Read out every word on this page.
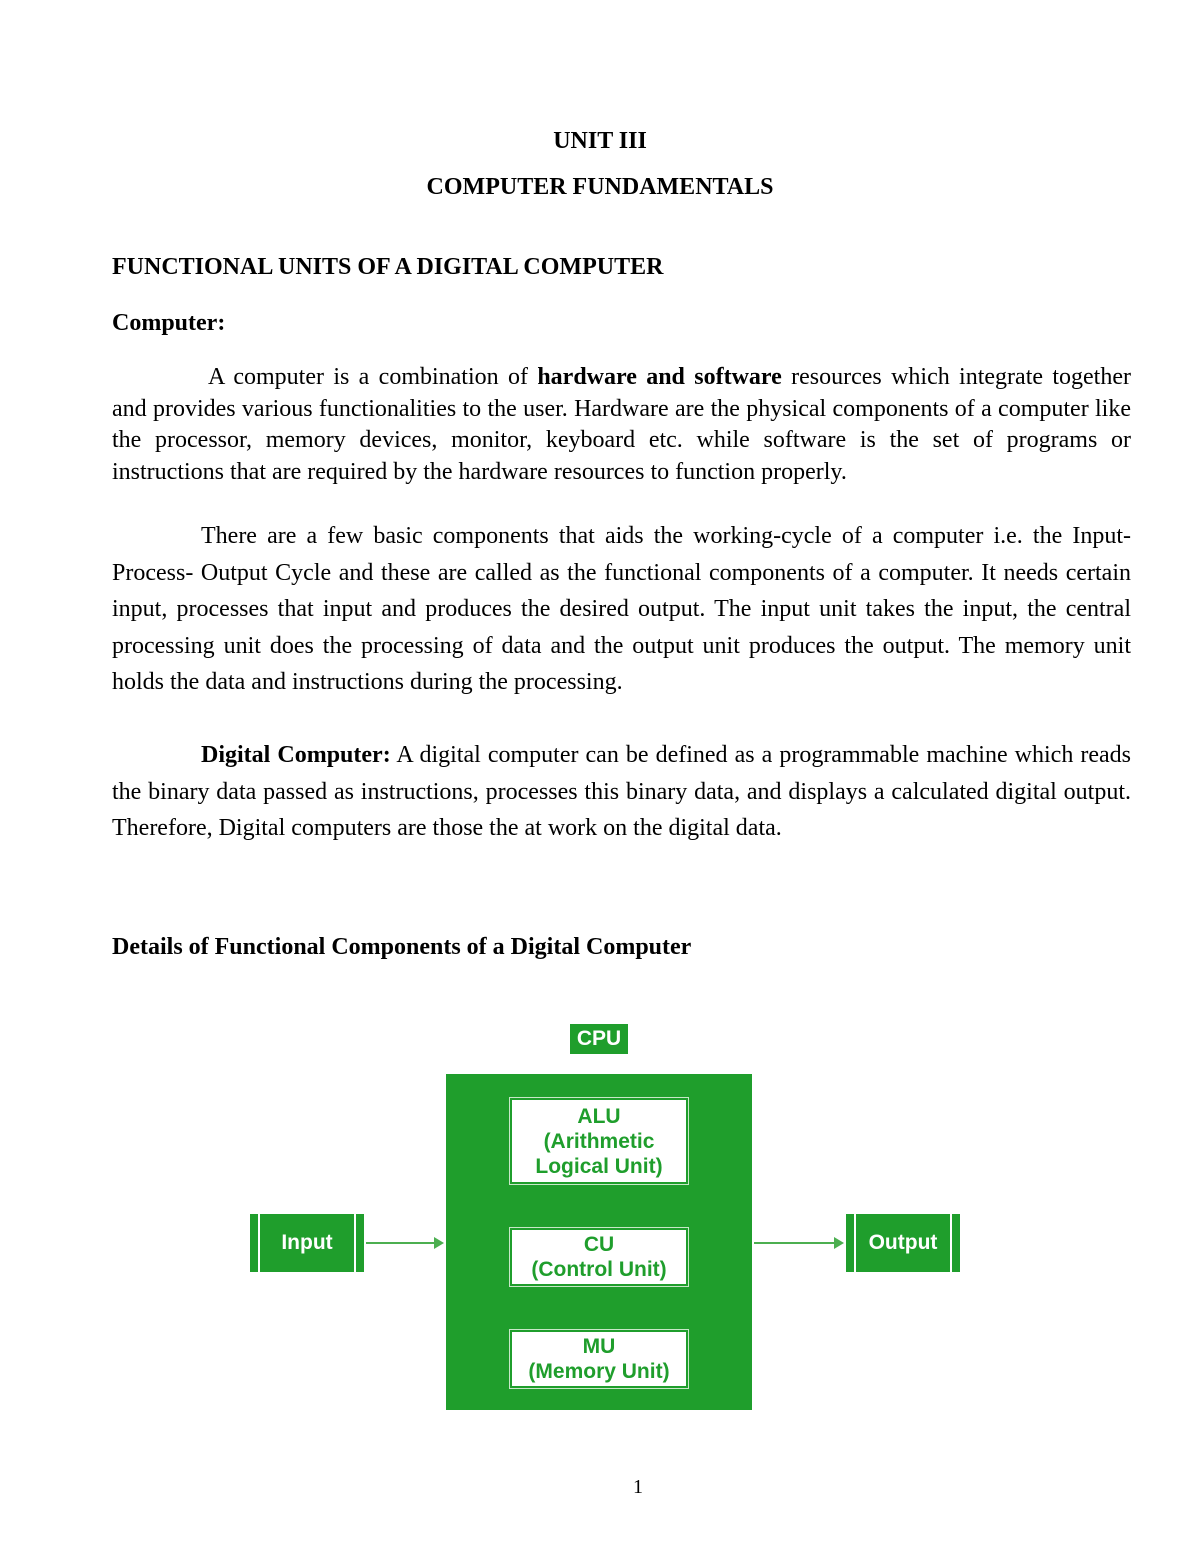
UNIT III
COMPUTER FUNDAMENTALS
FUNCTIONAL UNITS OF A DIGITAL COMPUTER
Computer:
A computer is a combination of hardware and software resources which integrate together and provides various functionalities to the user. Hardware are the physical components of a computer like the processor, memory devices, monitor, keyboard etc. while software is the set of programs or instructions that are required by the hardware resources to function properly.
There are a few basic components that aids the working-cycle of a computer i.e. the Input- Process- Output Cycle and these are called as the functional components of a computer. It needs certain input, processes that input and produces the desired output. The input unit takes the input, the central processing unit does the processing of data and the output unit produces the output. The memory unit holds the data and instructions during the processing.
Digital Computer: A digital computer can be defined as a programmable machine which reads the binary data passed as instructions, processes this binary data, and displays a calculated digital output. Therefore, Digital computers are those the at work on the digital data.
Details of Functional Components of a Digital Computer
CPU
ALU
(Arithmetic
Logical Unit)
CU
(Control Unit)
MU
(Memory Unit)
Input	Output
1
